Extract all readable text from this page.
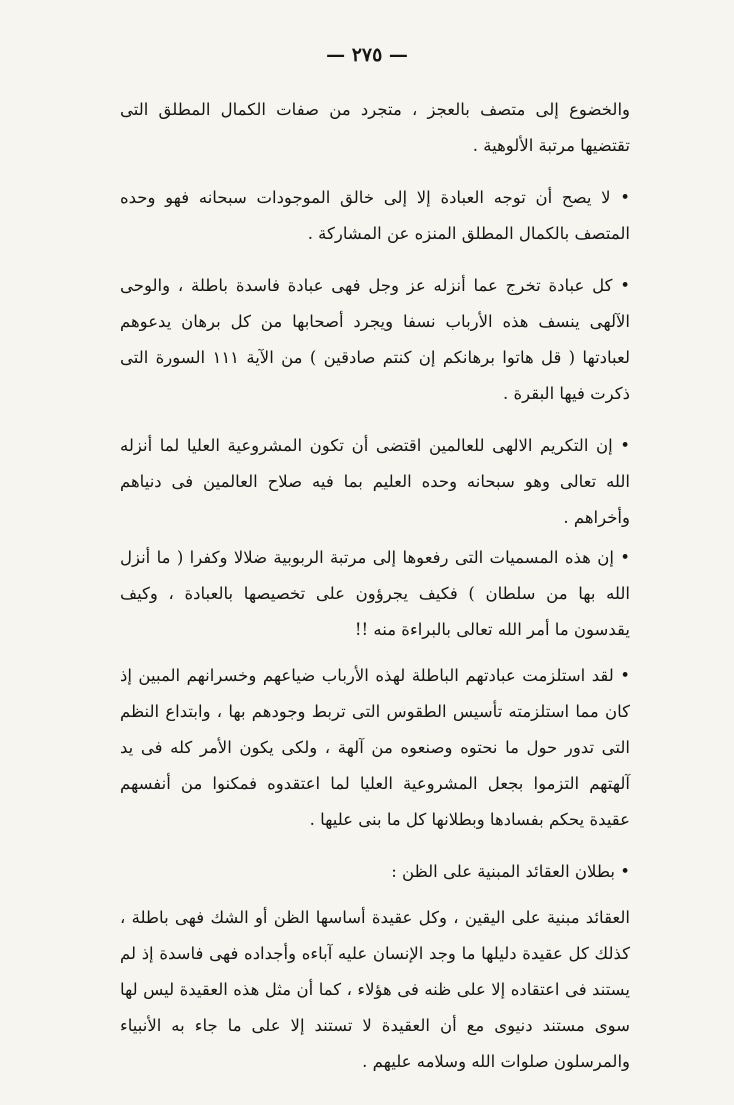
— ٢٧٥ —

والخضوع إلى متصف بالعجز ، متجرد من صفات الكمال المطلق التى تقتضيها مرتبة الألوهية .

• لا يصح أن توجه العبادة إلا إلى خالق الموجودات سبحانه فهو وحده المتصف بالكمال المطلق المنزه عن المشاركة .

• كل عبادة تخرج عما أنزله عز وجل فهى عبادة فاسدة باطلة ، والوحى الآلهى ينسف هذه الأرباب نسفا ويجرد أصحابها من كل برهان يدعوهم لعبادتها ( قل هاتوا برهانكم إن كنتم صادقين ) من الآية ١١١ السورة التى ذكرت فيها البقرة .

• إن التكريم الالهى للعالمين اقتضى أن تكون المشروعية العليا لما أنزله الله تعالى وهو سبحانه وحده العليم بما فيه صلاح العالمين فى دنياهم وأخراهم .

• إن هذه المسميات التى رفعوها إلى مرتبة الربوبية ضلالا وكفرا ( ما أنزل الله بها من سلطان ) فكيف يجرؤون على تخصيصها بالعبادة ، وكيف يقدسون ما أمر الله تعالى بالبراءة منه !!

• لقد استلزمت عبادتهم الباطلة لهذه الأرباب ضياعهم وخسرانهم المبين إذ كان مما استلزمته تأسيس الطقوس التى تربط وجودهم بها ، وابتداع النظم التى تدور حول ما نحتوه وصنعوه من آلهة ، ولكى يكون الأمر كله فى يد آلهتهم التزموا بجعل المشروعية العليا لما اعتقدوه فمكنوا من أنفسهم عقيدة يحكم بفسادها وبطلانها كل ما بنى عليها .

• بطلان العقائد المبنية على الظن :

العقائد مبنية على اليقين ، وكل عقيدة أساسها الظن أو الشك فهى باطلة ، كذلك كل عقيدة دليلها ما وجد الإنسان عليه آباءه وأجداده فهى فاسدة إذ لم يستند فى اعتقاده إلا على ظنه فى هؤلاء ، كما أن مثل هذه العقيدة ليس لها سوى مستند دنيوى مع أن العقيدة لا تستند إلا على ما جاء به الأنبياء والمرسلون صلوات الله وسلامه عليهم .
